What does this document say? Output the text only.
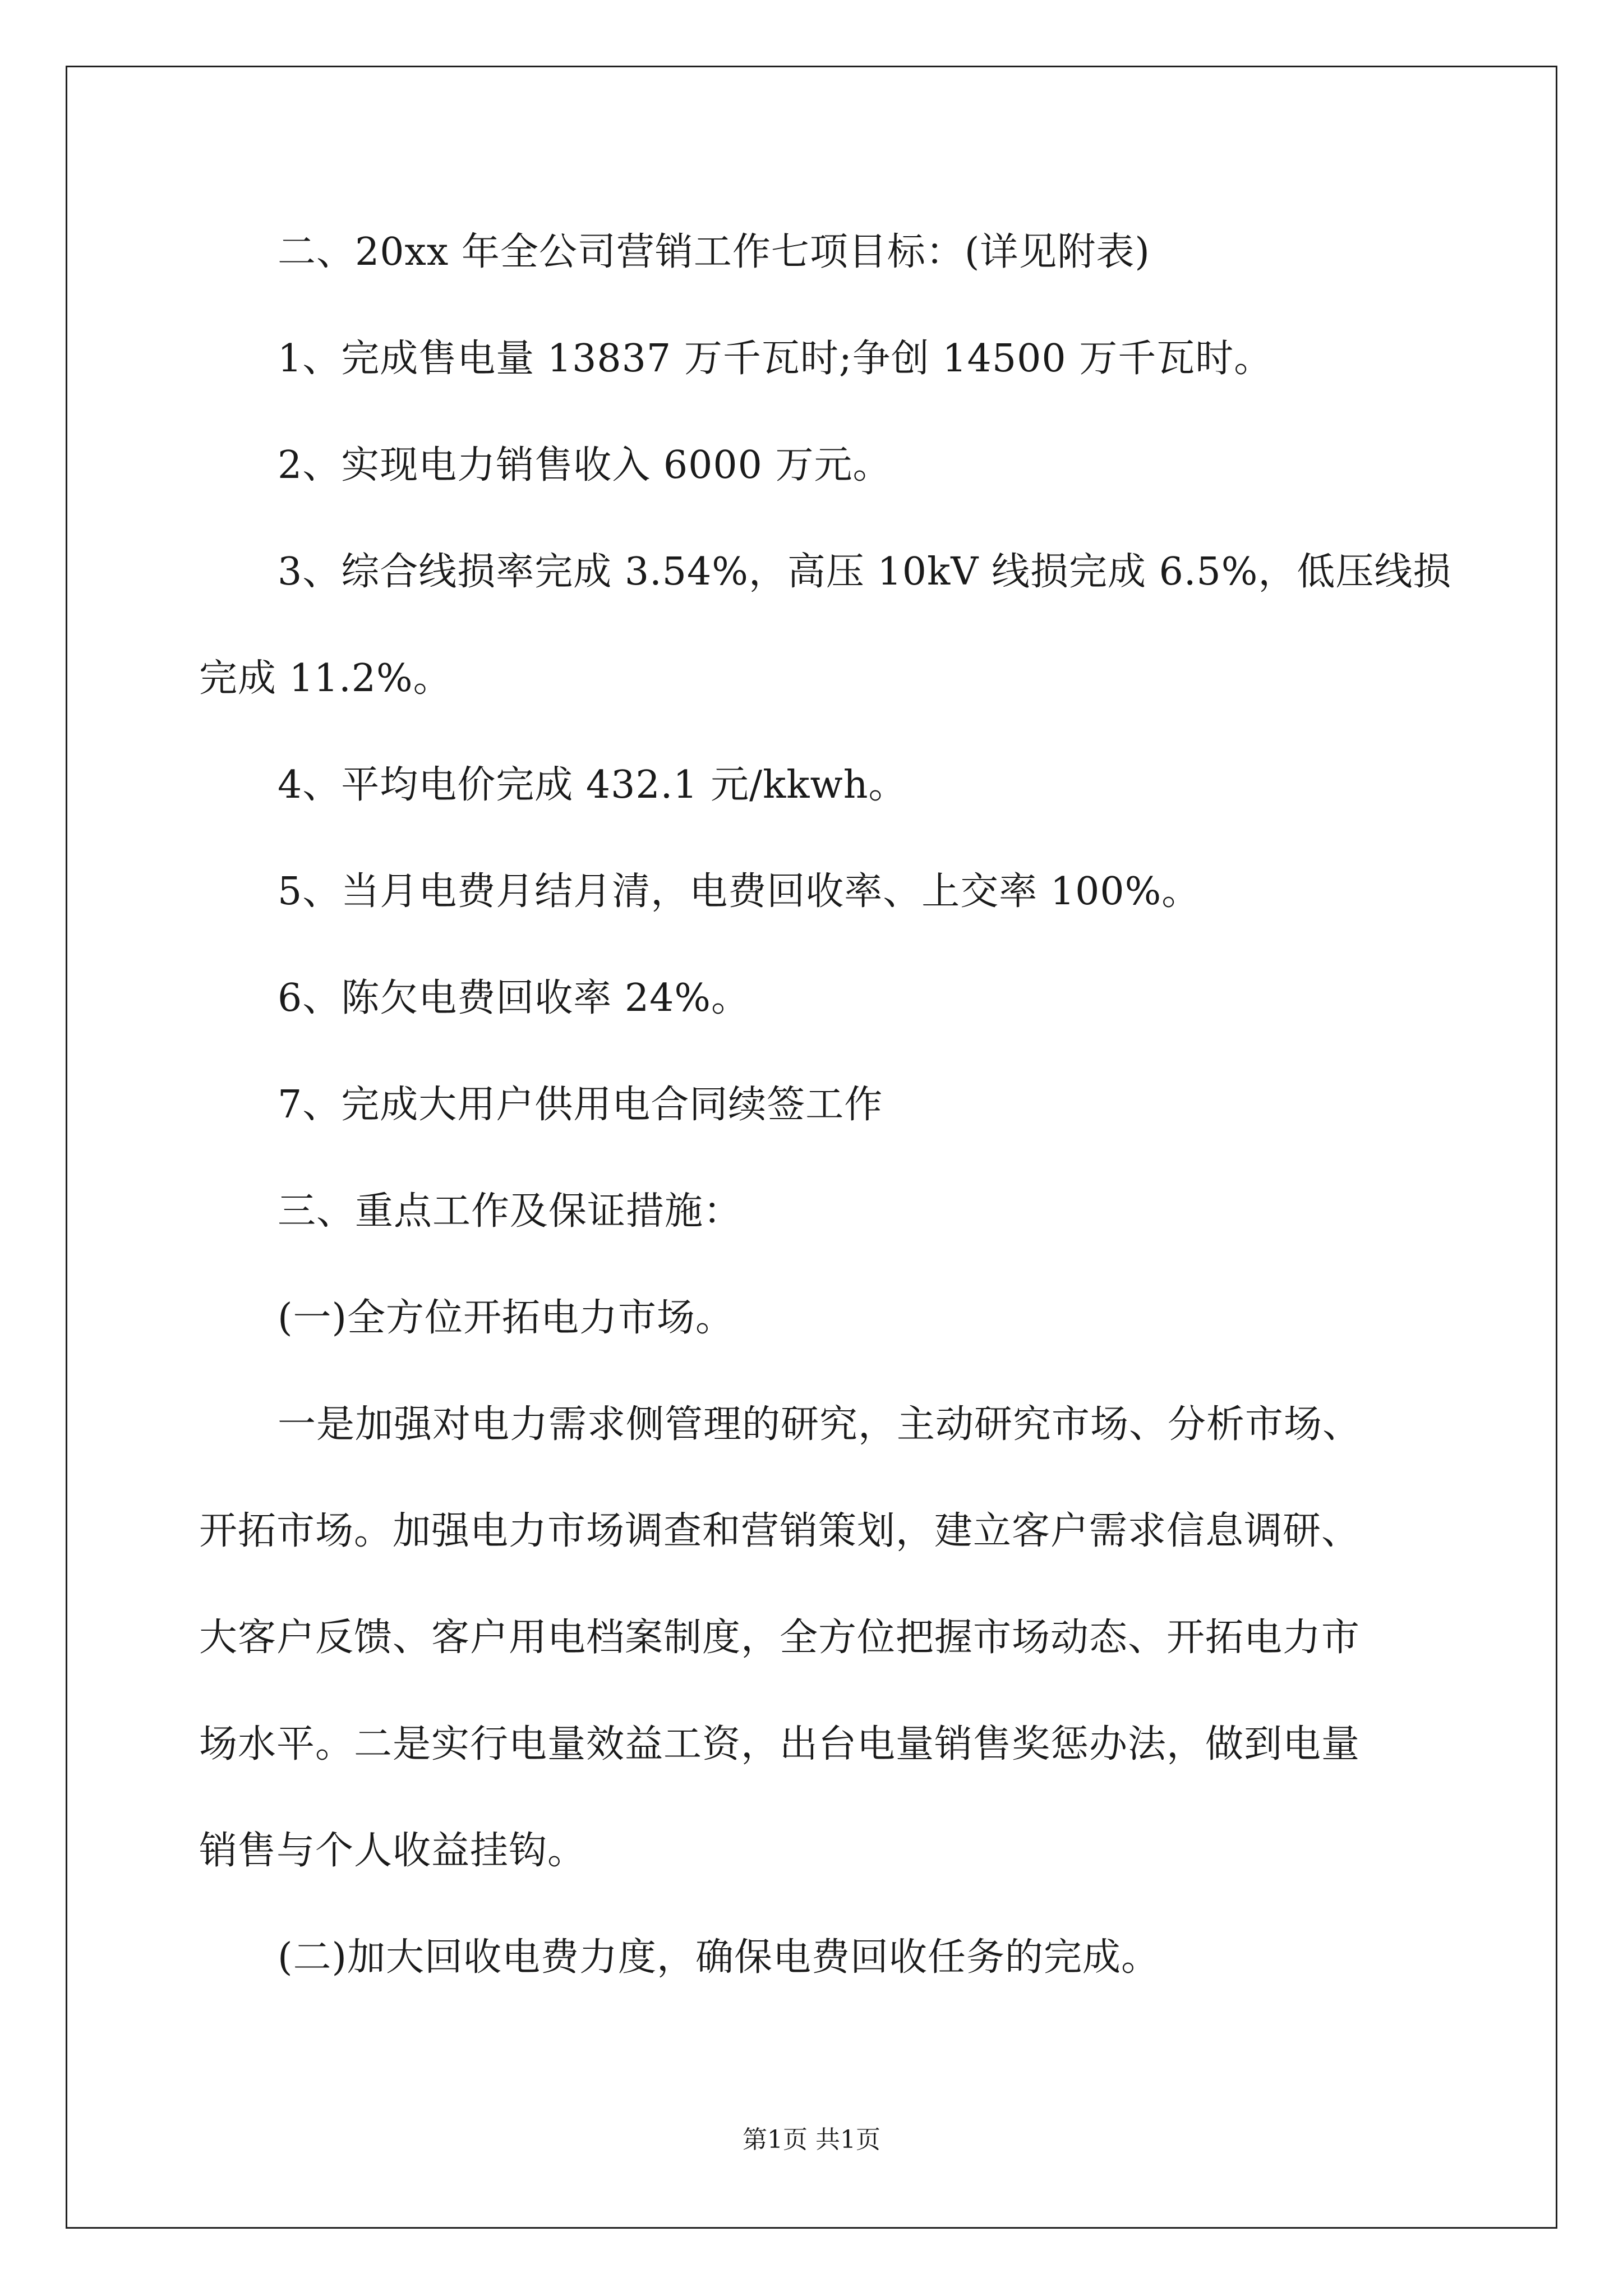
二、20xx 年全公司营销工作七项目标：(详见附表)
1、完成售电量 13837 万千瓦时;争创 14500 万千瓦时。
2、实现电力销售收入 6000 万元。
3、综合线损率完成 3.54%，高压 10kV 线损完成 6.5%，低压线损
完成 11.2%。
4、平均电价完成 432.1 元/kkwh。
5、当月电费月结月清，电费回收率、上交率 100%。
6、陈欠电费回收率 24%。
7、完成大用户供用电合同续签工作
三、重点工作及保证措施：
(一)全方位开拓电力市场。
一是加强对电力需求侧管理的研究，主动研究市场、分析市场、
开拓市场。加强电力市场调查和营销策划，建立客户需求信息调研、
大客户反馈、客户用电档案制度，全方位把握市场动态、开拓电力市
场水平。二是实行电量效益工资，出台电量销售奖惩办法，做到电量
销售与个人收益挂钩。
(二)加大回收电费力度，确保电费回收任务的完成。
第1页 共1页
